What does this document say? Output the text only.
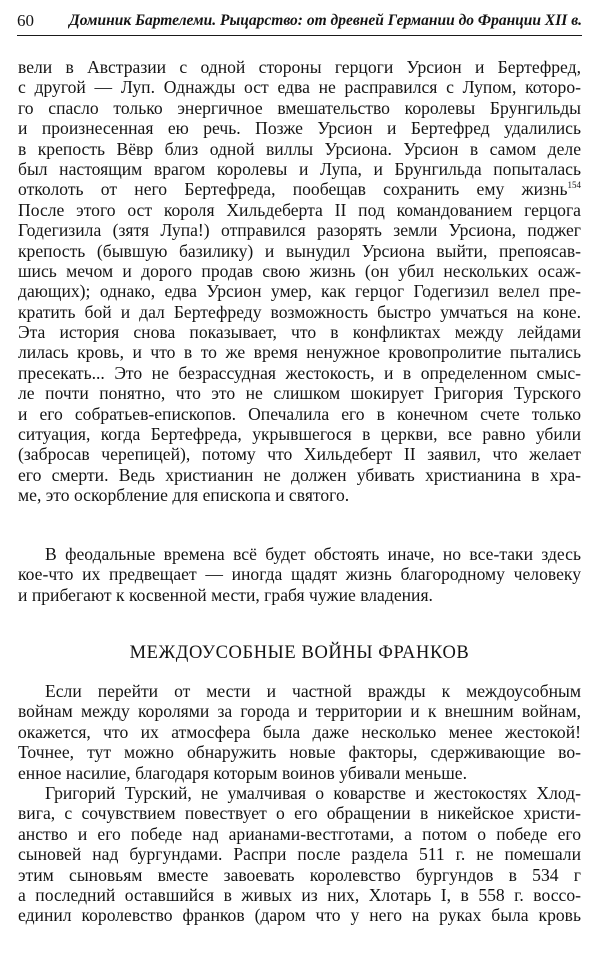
60 Доминик Бартелеми. Рыцарство: от древней Германии до Франции XII в.
вели в Австразии с одной стороны герцоги Урсион и Бертефред,
с другой — Луп. Однажды ост едва не расправился с Лупом, которо-
го спасло только энергичное вмешательство королевы Брунгильды
и произнесенная ею речь. Позже Урсион и Бертефред удалились
в крепость Вёвр близ одной виллы Урсиона. Урсион в самом деле
был настоящим врагом королевы и Лупа, и Брунгильда попыталась
отколоть от него Бертефреда, пообещав сохранить ему жизнь$^{154}$
После этого ост короля Хильдеберта II под командованием герцога
Годегизила (зятя Лупа!) отправился разорять земли Урсиона, поджег
крепость (бывшую базилику) и вынудил Урсиона выйти, препоясав-
шись мечом и дорого продав свою жизнь (он убил нескольких осаж-
дающих); однако, едва Урсион умер, как герцог Годегизил велел пре-
кратить бой и дал Бертефреду возможность быстро умчаться на коне.
Эта история снова показывает, что в конфликтах между лейдами
лилась кровь, и что в то же время ненужное кровопролитие пытались
пресекать... Это не безрассудная жестокость, и в определенном смыс-
ле почти понятно, что это не слишком шокирует Григория Турского
и его собратьев-епископов. Опечалила его в конечном счете только
ситуация, когда Бертефреда, укрывшегося в церкви, все равно убили
(забросав черепицей), потому что Хильдеберт II заявил, что желает
его смерти. Ведь христианин не должен убивать христианина в хра-
ме, это оскорбление для епископа и святого.
В феодальные времена всё будет обстоять иначе, но все-таки здесь
кое-что их предвещает — иногда щадят жизнь благородному человеку
и прибегают к косвенной мести, грабя чужие владения.
МЕЖДОУСОБНЫЕ ВОЙНЫ ФРАНКОВ
Если перейти от мести и частной вражды к междоусобным
войнам между королями за города и территории и к внешним войнам,
окажется, что их атмосфера была даже несколько менее жестокой!
Точнее, тут можно обнаружить новые факторы, сдерживающие во-
енное насилие, благодаря которым воинов убивали меньше.
Григорий Турский, не умалчивая о коварстве и жестокостях Хлод-
вига, с сочувствием повествует о его обращении в никейское христи-
анство и его победе над арианами-вестготами, а потом о победе его
сыновей над бургундами. Распри после раздела 511 г. не помешали
этим сыновьям вместе завоевать королевство бургундов в 534 г
а последний оставшийся в живых из них, Хлотарь I, в 558 г. воссо-
единил королевство франков (даром что у него на руках была кровь
